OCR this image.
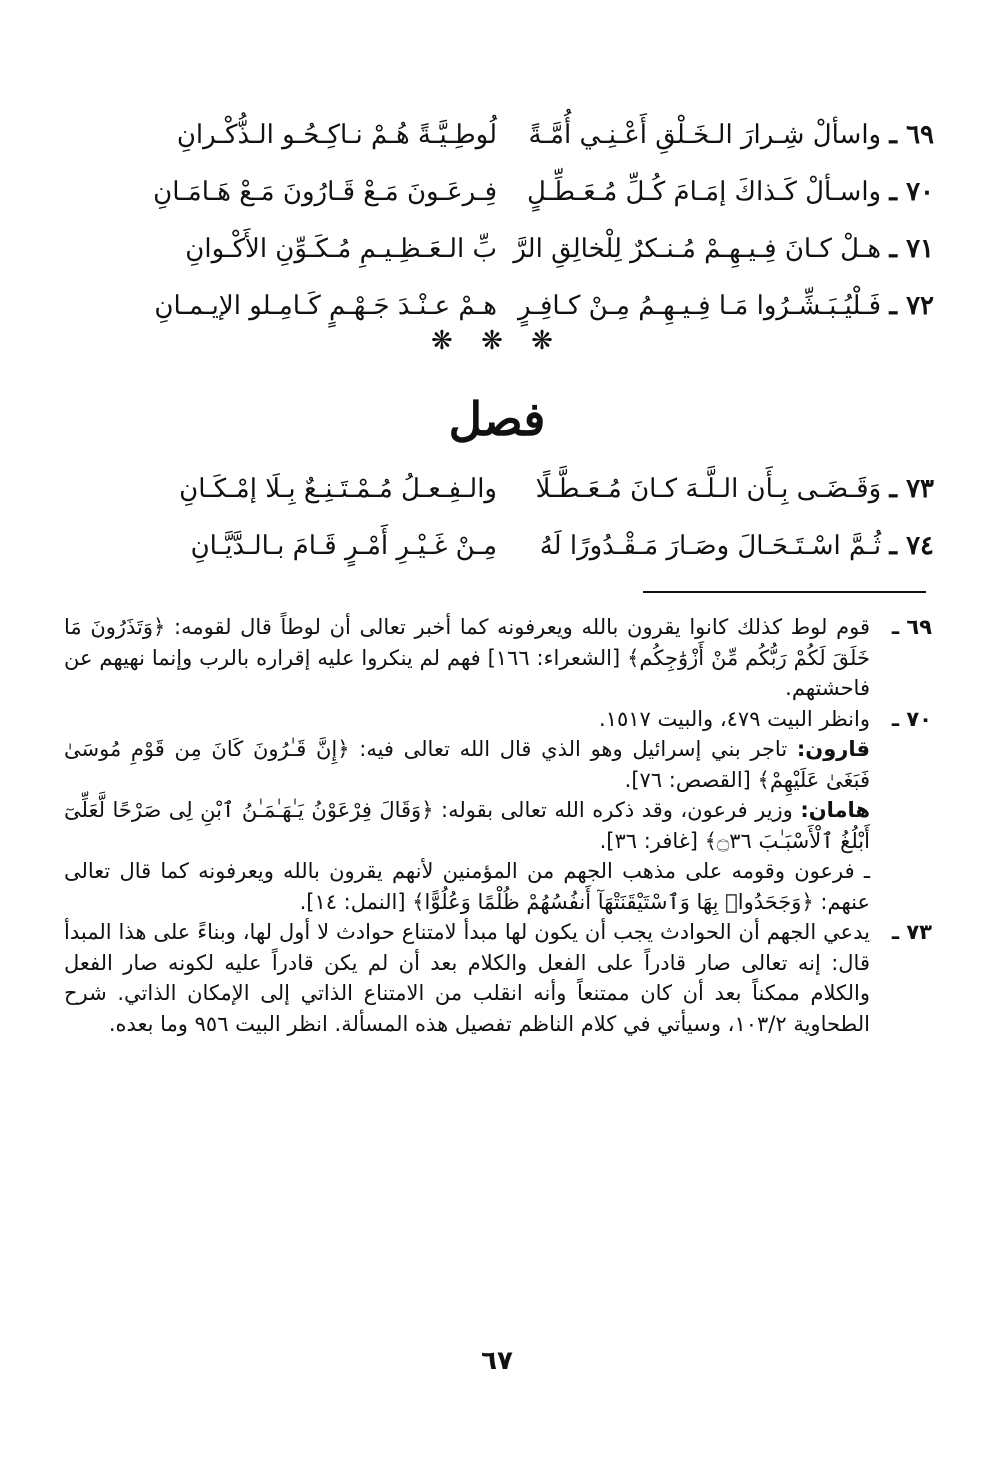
٦٩ ـ واسألْ شِـرارَ الـخَـلْقِ أَعْـنِـي أُمَّـةً
لُوطِـيَّـةً هُـمْ نـاكِـحُـو الـذُّكْـرانِ
٧٠ ـ واسـألْ كَـذاكَ إمَـامَ كُـلِّ مُـعَـطِّـلٍ
فِـرعَـونَ مَـعْ قَـارُونَ مَـعْ هَـامَـانِ
٧١ ـ هـلْ كـانَ فِـيـهِـمْ مُـنـكرٌ لِلْخالِقِ الرَّ
بِّ الـعَـظِـيـمِ مُـكَـوِّنِ الأَكْـوانِ
٧٢ ـ فَـلْيُـبَـشِّـرُوا مَـا فِـيـهِـمُ مِـنْ كـافِـرٍ
هـمْ عـنْـدَ جَـهْـمٍ كَـامِـلو الإيـمـانِ
❋ ❋ ❋
فصل
٧٣ ـ وَقَـضَـى بِـأَن الـلَّـهَ كـانَ مُـعَـطَّـلًا
والـفِـعـلُ مُـمْـتَـنِـعٌ بِـلَا إمْـكَـانِ
٧٤ ـ ثُـمَّ اسْـتَـحَـالَ وصَـارَ مَـقْـدُورًا لَهُ
مِـنْ غَـيْـرِ أَمْـرٍ قَـامَ بـالـدَّيَّـانِ
٦٩ ـ

قوم لوط كذلك كانوا يقرون بالله ويعرفونه كما أخبر تعالى أن لوطاً قال لقومه: ﴿وَتَذَرُونَ مَا خَلَقَ لَكُمْ رَبُّكُم مِّنْ أَزْوَٰجِكُم﴾ [الشعراء: ١٦٦] فهم لم ينكروا عليه إقراره بالرب وإنما نهيهم عن فاحشتهم.

٧٠ ـ

وانظر البيت ٤٧٩، والبيت ١٥١٧.

قارون: تاجر بني إسرائيل وهو الذي قال الله تعالى فيه: ﴿إِنَّ قَـٰرُونَ كَانَ مِن قَوْمِ مُوسَىٰ فَبَغَىٰ عَلَيْهِمْ﴾ [القصص: ٧٦].

هامان: وزير فرعون، وقد ذكره الله تعالى بقوله: ﴿وَقَالَ فِرْعَوْنُ يَـٰهَـٰمَـٰنُ ٱبْنِ لِى صَرْحًا لَّعَلِّىٓ أَبْلُغُ ٱلْأَسْبَـٰبَ ۝٣٦﴾ [غافر: ٣٦].

ـ فرعون وقومه على مذهب الجهم من المؤمنين لأنهم يقرون بالله ويعرفونه كما قال تعالى عنهم: ﴿وَجَحَدُوا۟ بِهَا وَٱسْتَيْقَنَتْهَآ أَنفُسُهُمْ ظُلْمًا وَعُلُوًّا﴾ [النمل: ١٤].

٧٣ ـ

يدعي الجهم أن الحوادث يجب أن يكون لها مبدأ لامتناع حوادث لا أول لها، وبناءً على هذا المبدأ قال: إنه تعالى صار قادراً على الفعل والكلام بعد أن لم يكن قادراً عليه لكونه صار الفعل والكلام ممكناً بعد أن كان ممتنعاً وأنه انقلب من الامتناع الذاتي إلى الإمكان الذاتي. شرح الطحاوية ١٠٣/٢، وسيأتي في كلام الناظم تفصيل هذه المسألة. انظر البيت ٩٥٦ وما بعده.

٦٧
